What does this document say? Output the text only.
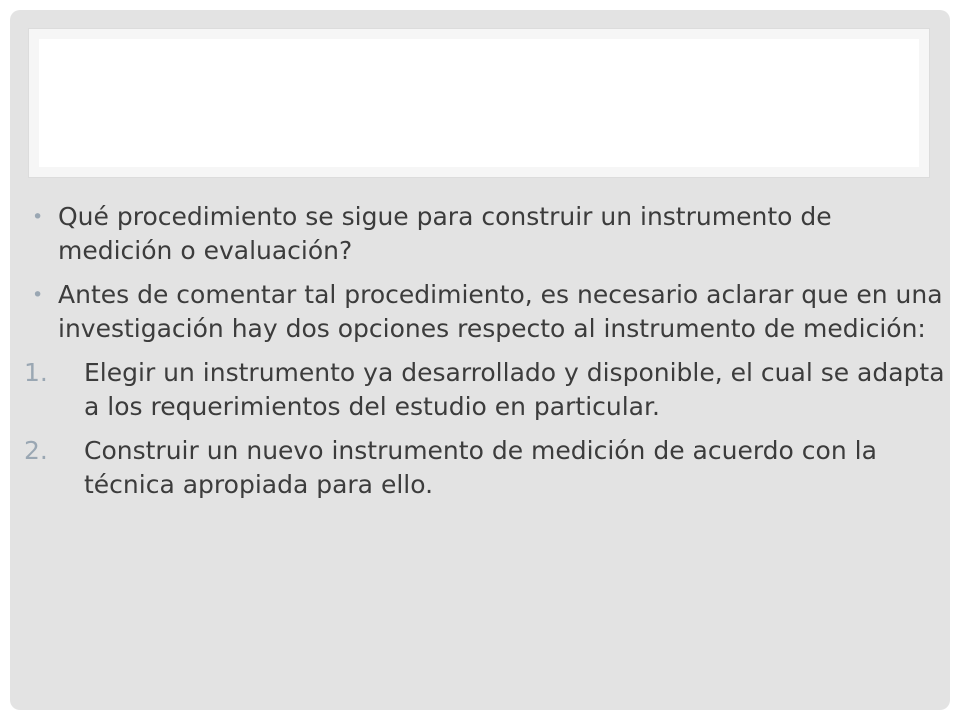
• Qué procedimiento se sigue para construir un instrumento de medición o evaluación?
• Antes de comentar tal procedimiento, es necesario aclarar que en una investigación hay dos opciones respecto al instrumento de medición:
1. Elegir un instrumento ya desarrollado y disponible, el cual se adapta a los requerimientos del estudio en particular.
2. Construir un nuevo instrumento de medición de acuerdo con la técnica apropiada para ello.
